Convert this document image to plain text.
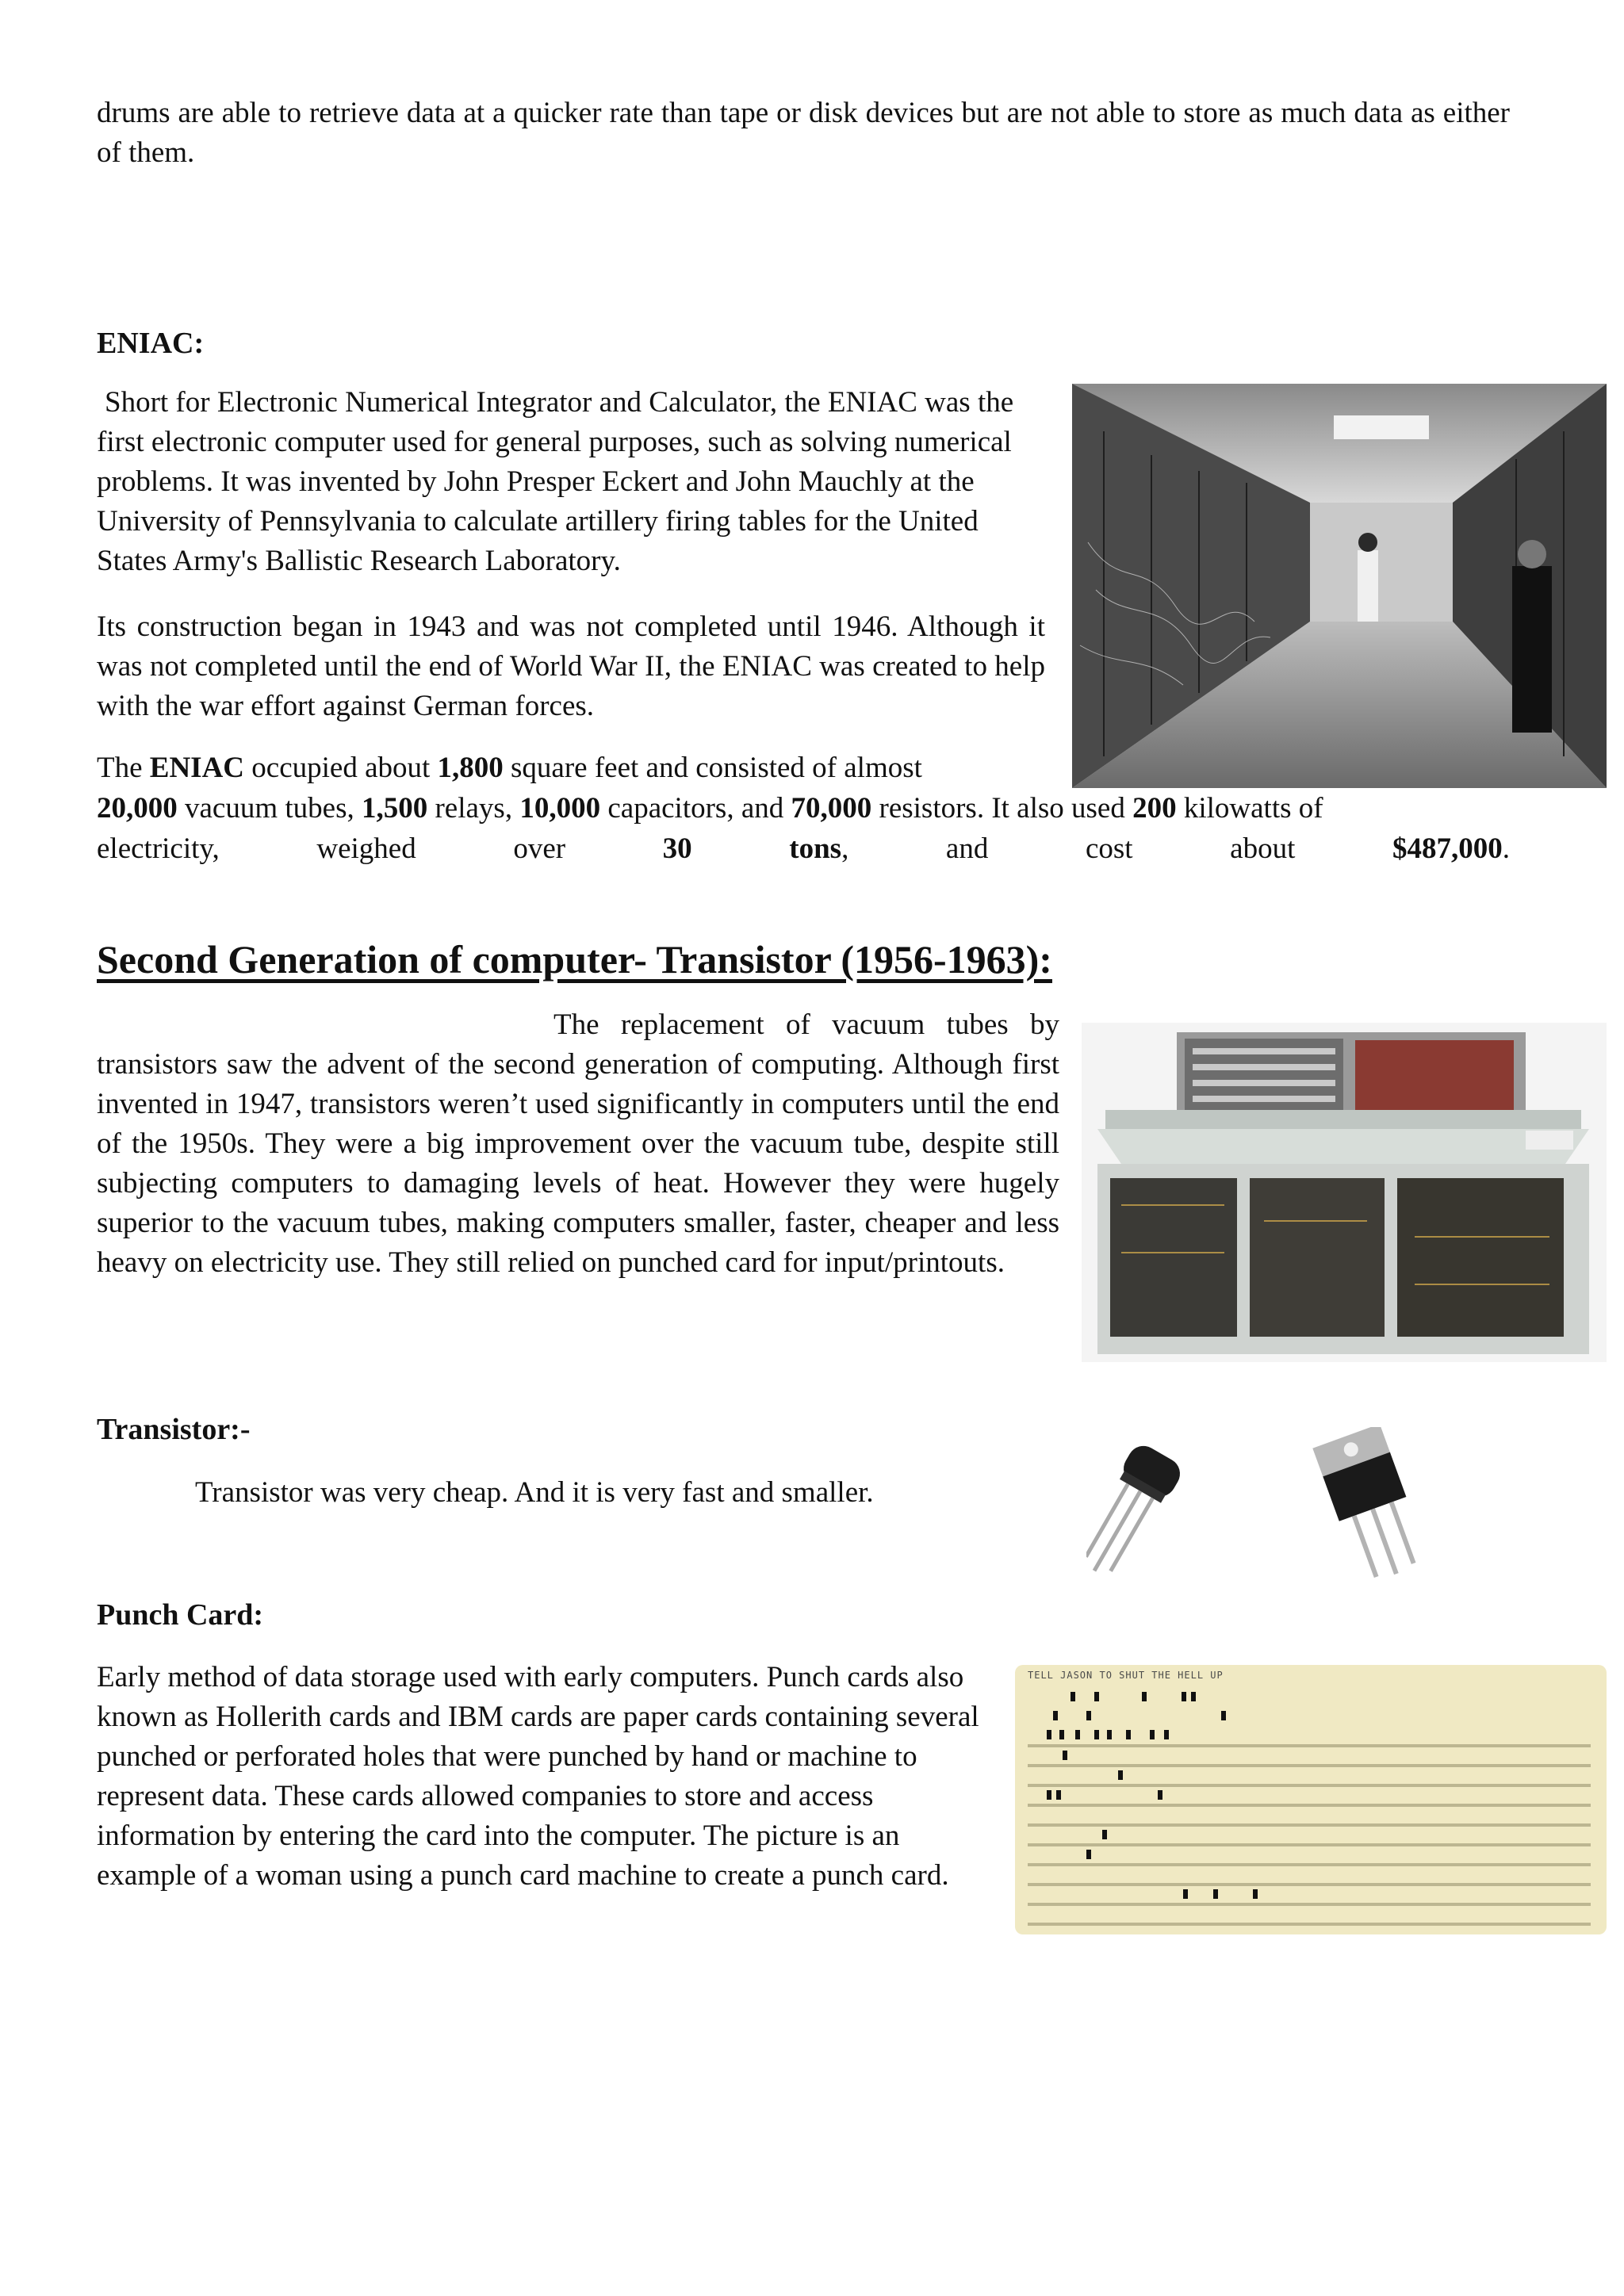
drums are able to retrieve data at a quicker rate than tape or disk devices but are not able to store as much data as either of them.

ENIAC:

Short for Electronic Numerical Integrator and Calculator, the ENIAC was the first electronic computer used for general purposes, such as solving numerical problems. It was invented by John Presper Eckert and John Mauchly at the University of Pennsylvania to calculate artillery firing tables for the United States Army's Ballistic Research Laboratory.

Its construction began in 1943 and was not completed until 1946. Although it was not completed until the end of World War II, the ENIAC was created to help with the war effort against German forces.

The ENIAC occupied about 1,800 square feet and consisted of almost
20,000 vacuum tubes, 1,500 relays, 10,000 capacitors, and 70,000 resistors. It also used 200 kilowatts of
electricity,	weighed	over	30	tons,	and	cost	about	$487,000.
Second Generation of computer- Transistor (1956-1963):

The replacement of vacuum tubes by transistors saw the advent of the second generation of computing. Although first invented in 1947, transistors weren’t used significantly in computers until the end of the 1950s. They were a big improvement over the vacuum tube, despite still subjecting computers to damaging levels of heat. However they were hugely superior to the vacuum tubes, making computers smaller, faster, cheaper and less heavy on electricity use. They still relied on punched card for input/printouts.

Transistor:-

Transistor was very cheap. And it is very fast and smaller.

Punch Card:

Early method of data storage used with early computers. Punch cards also known as Hollerith cards and IBM cards are paper cards containing several punched or perforated holes that were punched by hand or machine to represent data. These cards allowed companies to store and access information by entering the card into the computer. The picture is an example of a woman using a punch card machine to create a punch card.

TELL JASON TO SHUT THE HELL UP
